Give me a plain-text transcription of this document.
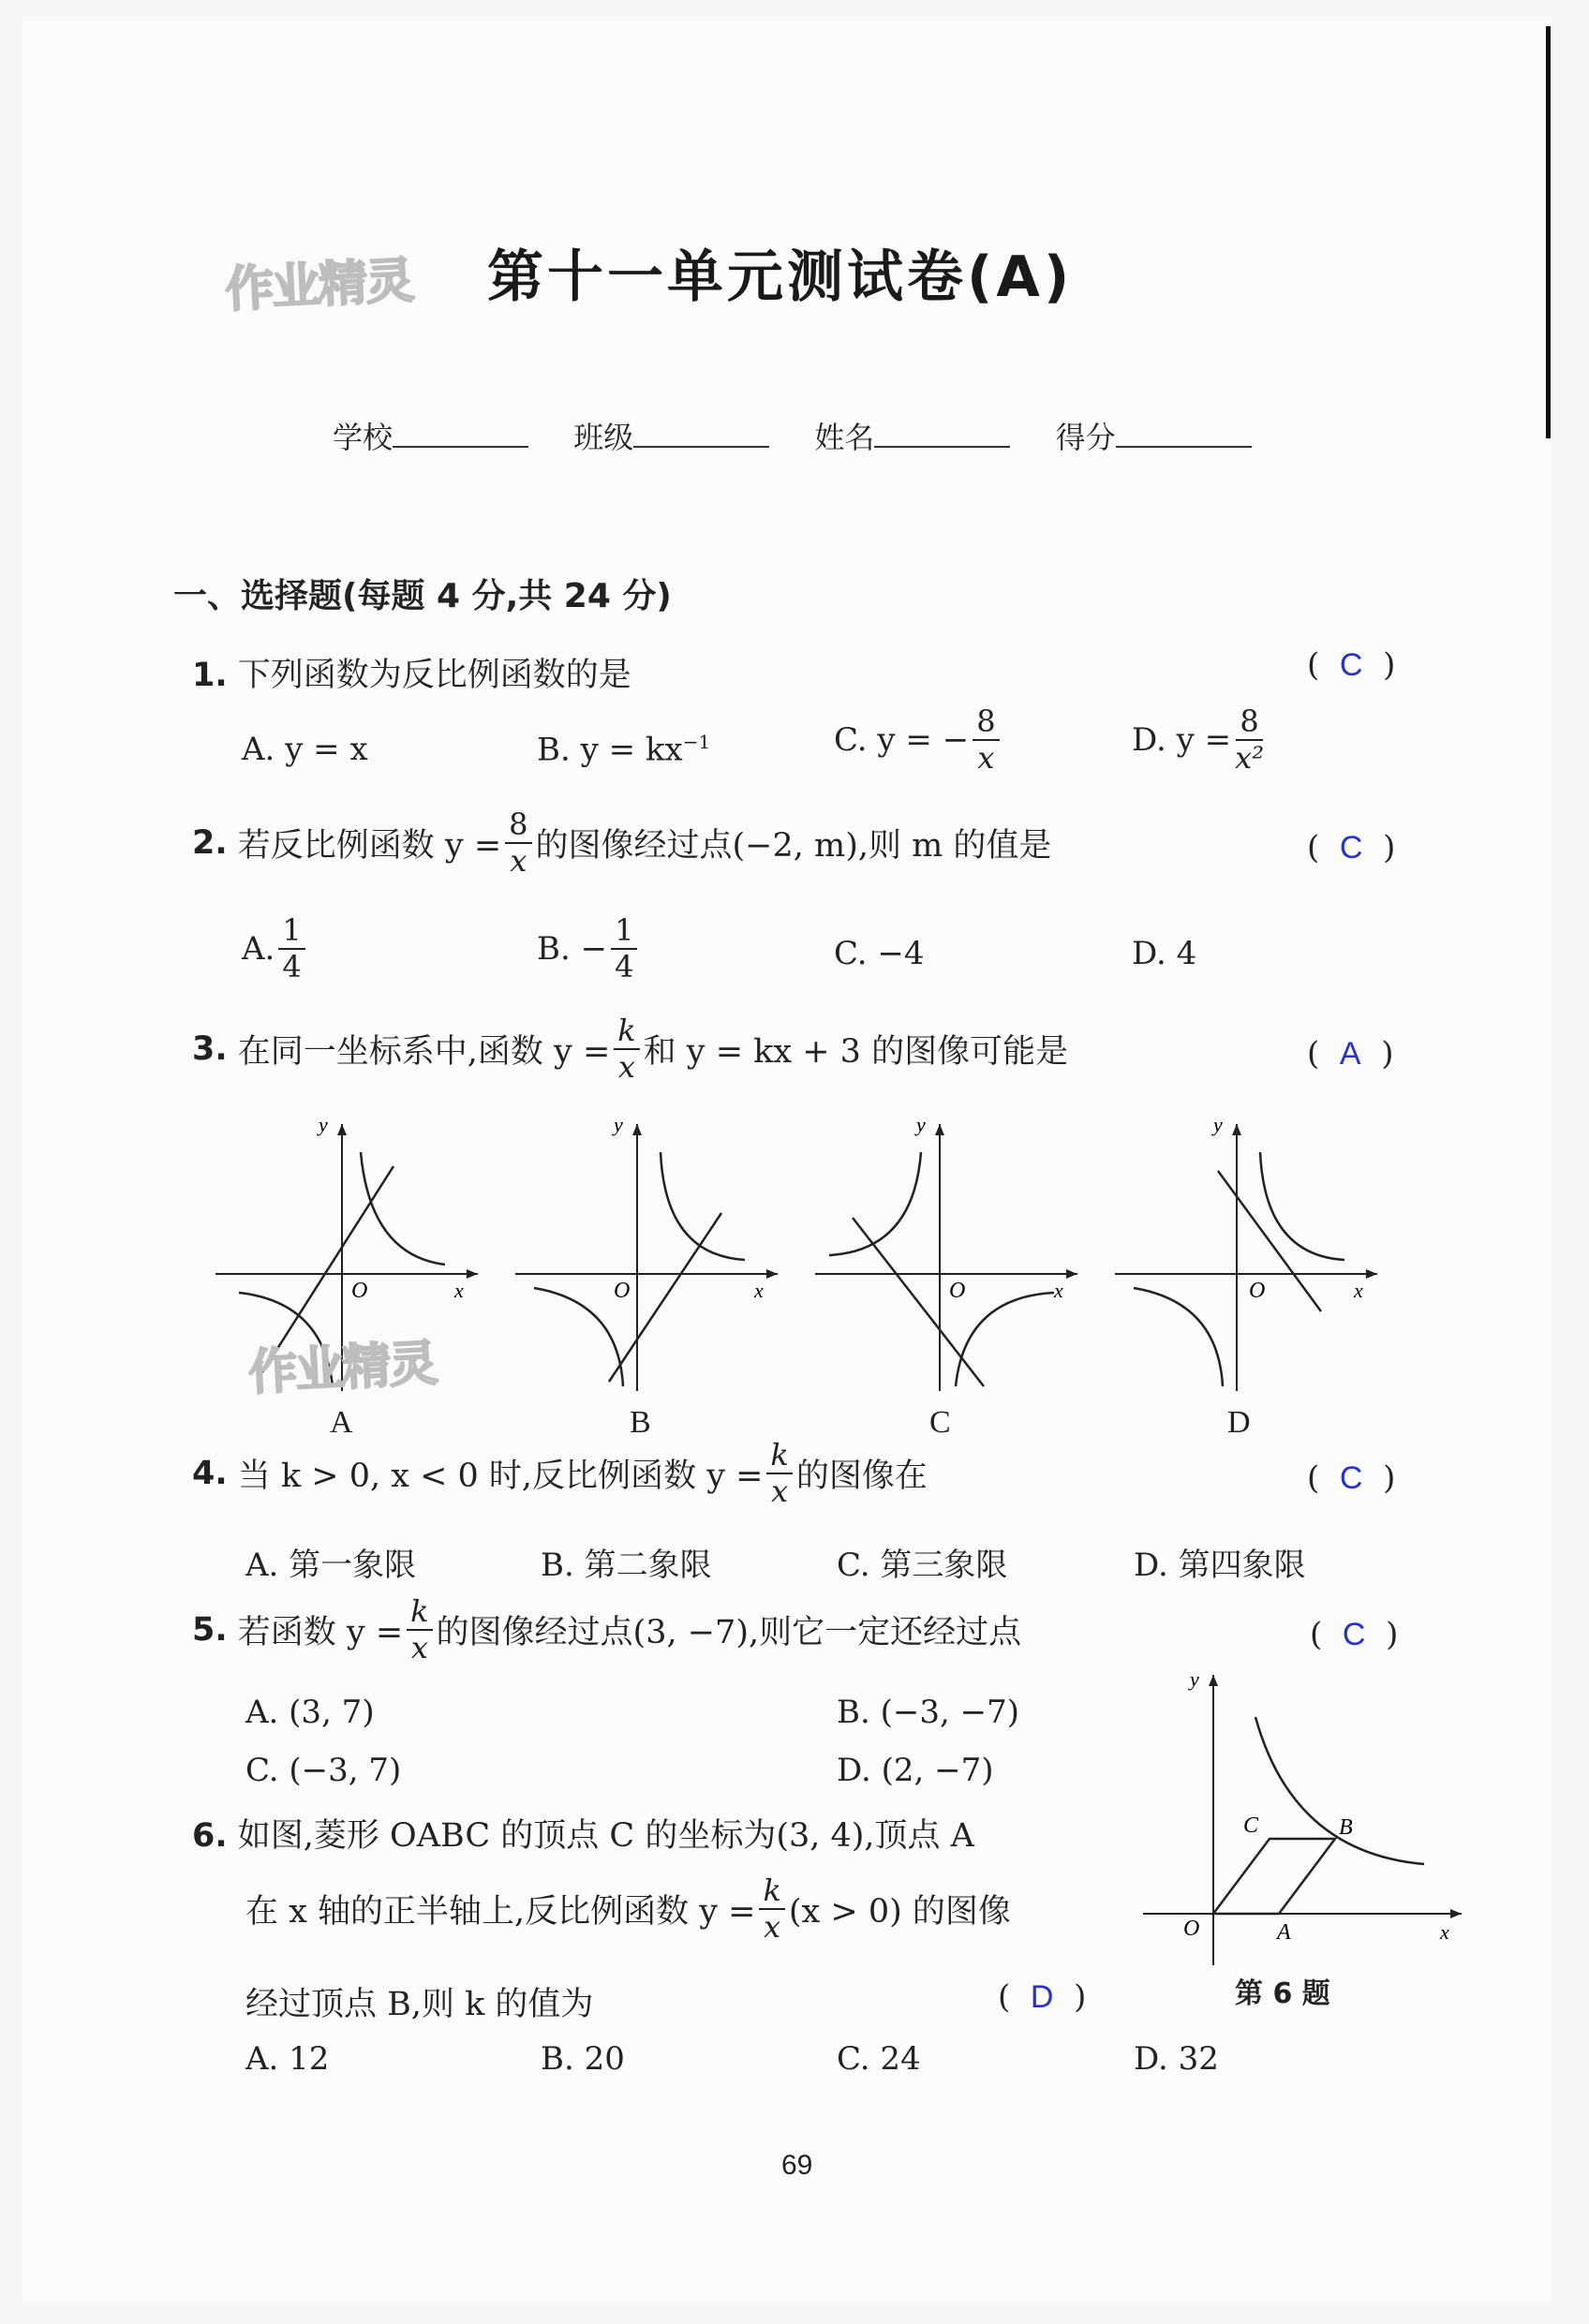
作业精灵 第十一单元测试卷(A)
学校	班级	姓名	得分
一、选择题(每题 4 分,共 24 分)
1. 下列函数为反比例函数的是	(  C  )
A. y = x	B. $y = kx^{-1}$	C. y = − $\frac{8}{x}$	D. $y = \frac{8}{\text{x²}}$
2.
若反比例函数 $y = \frac{8}{x}$ 的图像经过点(−2, m),则 m 的值是	(  C  )
A. $\frac{1}{4}$	B. − $\frac{1}{4}$	C. −4	D. 4
3.
在同一坐标系中,函数 $y = \frac{k}{x}$ 和 y = kx + 3 的图像可能是	(  A  )
y
O	x
A
y
O	x
B
y
O	x
C
y
O	x
D
作业精灵
4.
当 k > 0, x < 0 时,反比例函数 $y = \frac{k}{x}$ 的图像在	(  C  )
A. 第一象限	B. 第二象限	C. 第三象限	D. 第四象限
5.
若函数 $y = \frac{k}{x}$ 的图像经过点(3, −7),则它一定还经过点	(  C  )
A. (3, 7)	B. (−3, −7)
C. (−3, 7)	D. (2, −7)
6. 如图,菱形 OABC 的顶点 C 的坐标为(3, 4),顶点 A
在 x 轴的正半轴上,反比例函数 $y = \frac{k}{x} (x > 0)$ 的图像
经过顶点 B,则 k 的值为	(  D  )
A. 12	B. 20	C. 24	D. 32
y
O	A
B
C
x
第 6 题
69
